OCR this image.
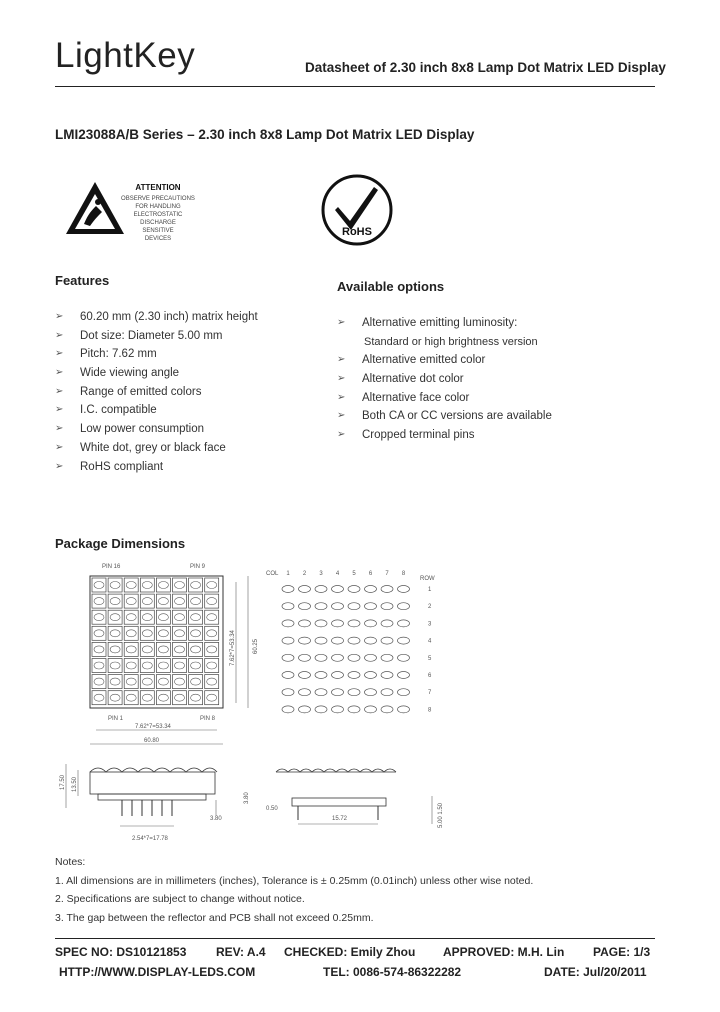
LightKey	Datasheet of 2.30 inch 8x8 Lamp Dot Matrix LED Display
LMI23088A/B Series – 2.30 inch 8x8 Lamp Dot Matrix LED Display
ATTENTION
OBSERVE PRECAUTIONS
FOR HANDLING
ELECTROSTATIC
DISCHARGE
SENSITIVE
DEVICES
RoHS
Features
➢ 60.20 mm (2.30 inch) matrix height
➢ Dot size: Diameter 5.00 mm
➢ Pitch: 7.62 mm
➢ Wide viewing angle
➢ Range of emitted colors
➢ I.C. compatible
➢ Low power consumption
➢ White dot, grey or black face
➢ RoHS compliant
Available options
➢ Alternative emitting luminosity:
Standard or high brightness version
➢ Alternative emitted color
➢ Alternative dot color
➢ Alternative face color
➢ Both CA or CC versions are available
➢ Cropped terminal pins
Package Dimensions
PIN 16	PIN 9
PIN 1	PIN 8
7.62*7=53.34
60.80
7.62*7=53.34	60.25
COL
ROW
1 2 3 4 5 6 7 8
1
2
3
4
5
6
7
8
17.50 13.50
3.80
3.80
2.54*7=17.78
0.50
15.72	5.00 1.50
Notes:
1. All dimensions are in millimeters (inches), Tolerance is ± 0.25mm (0.01inch) unless other wise noted.
2. Specifications are subject to change without notice.
3. The gap between the reflector and PCB shall not exceed 0.25mm.
SPEC NO: DS10121853 REV: A.4 CHECKED: Emily Zhou APPROVED: M.H. Lin PAGE: 1/3
HTTP://WWW.DISPLAY-LEDS.COM	TEL: 0086-574-86322282	DATE: Jul/20/2011
